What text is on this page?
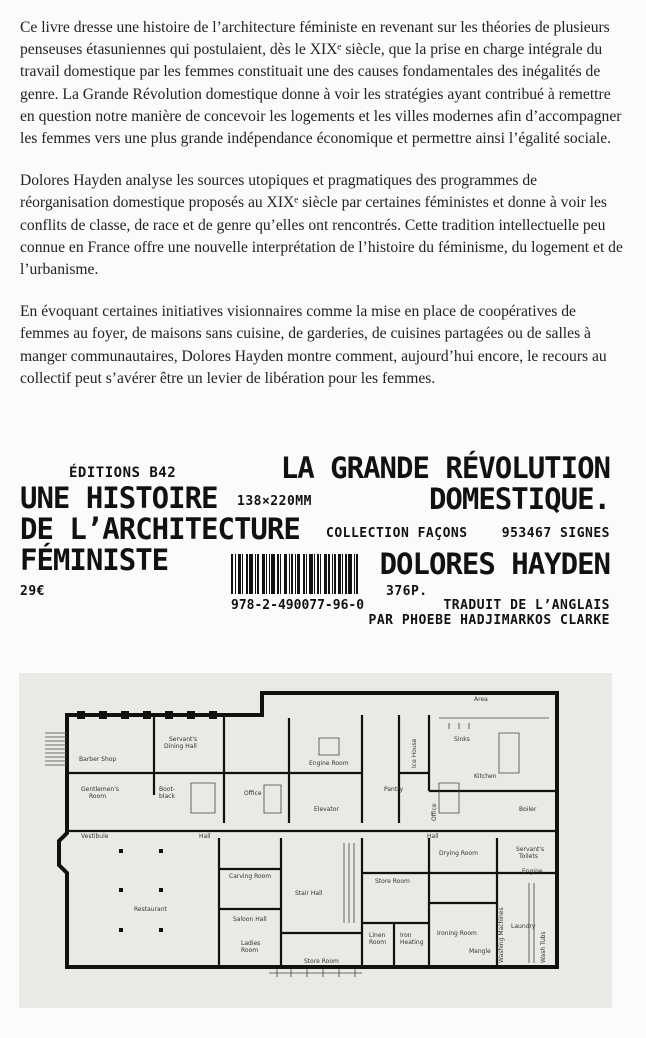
Ce livre dresse une histoire de l’architecture féministe en revenant sur les théories de plusieurs penseuses étasuniennes qui postulaient, dès le XIXᵉ siècle, que la prise en charge intégrale du travail domestique par les femmes constituait une des causes fondamentales des inégalités de genre. La Grande Révolution domestique donne à voir les stratégies ayant contribué à remettre en question notre manière de concevoir les logements et les villes modernes afin d’accompagner les femmes vers une plus grande indépendance économique et permettre ainsi l’égalité sociale.

Dolores Hayden analyse les sources utopiques et pragmatiques des programmes de réorganisation domestique proposés au XIXᵉ siècle par certaines féministes et donne à voir les conflits de classe, de race et de genre qu’elles ont rencontrés. Cette tradition intellectuelle peu connue en France offre une nouvelle interprétation de l’histoire du féminisme, du logement et de l’urbanisme.

En évoquant certaines initiatives visionnaires comme la mise en place de coopératives de femmes au foyer, de maisons sans cuisine, de garderies, de cuisines partagées ou de salles à manger communautaires, Dolores Hayden montre comment, aujourd’hui encore, le recours au collectif peut s’avérer être un levier de libération pour les femmes.

ÉDITIONS B42
UNE HISTOIRE
DE L’ARCHITECTURE
FÉMINISTE
138×220MM
LA GRANDE RÉVOLUTION
DOMESTIQUE.
COLLECTION FAÇONS	953467 SIGNES
DOLORES HAYDEN
29€	376P.
978-2-490077-96-0	TRADUIT DE L’ANGLAIS
PAR PHOEBE HADJIMARKOS CLARKE
Area
Barber Shop
Gentlemen's
Room
Servant's
Dining Hall
Boot-
black	Office
Engine Room
Elevator
Ice House
Pantry
Office
Sinks
Kitchen
Boiler
Vestibule	Hall	Hall
Restaurant
Carving Room
Stair Hall
Saloon Hall
Ladies
Room
Store Room
Store Room
Drying Room
Servant's
Toilets
Engine
Ironing Room
Laundry
Mangle Washing Machines	Wash Tubs
Linen
Room
Iron
Heating
